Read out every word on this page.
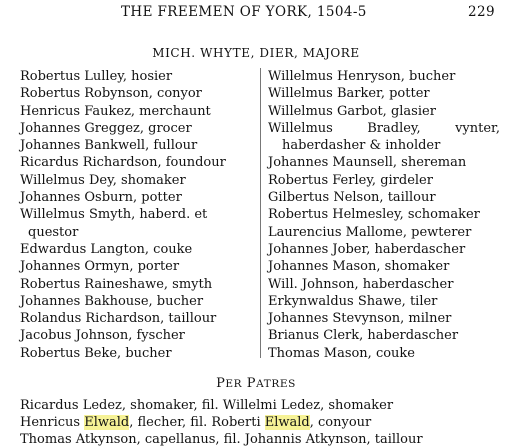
THE FREEMEN OF YORK, 1504-5	229
MICH. WHYTE, DIER, MAJORE
Robertus Lulley, hosier
Robertus Robynson, conyor
Henricus Faukez, merchaunt
Johannes Greggez, grocer
Johannes Bankwell, fullour
Ricardus Richardson, foundour
Willelmus Dey, shomaker
Johannes Osburn, potter
Willelmus Smyth, haberd. et
questor
Edwardus Langton, couke
Johannes Ormyn, porter
Robertus Raineshawe, smyth
Johannes Bakhouse, bucher
Rolandus Richardson, taillour
Jacobus Johnson, fyscher
Robertus Beke, bucher
Willelmus Henryson, bucher
Willelmus Barker, potter
Willelmus Garbot, glasier
Willelmus	Bradley,	vynter,
haberdasher & inholder
Johannes Maunsell, shereman
Robertus Ferley, girdeler
Gilbertus Nelson, taillour
Robertus Helmesley, schomaker
Laurencius Mallome, pewterer
Johannes Jober, haberdascher
Johannes Mason, shomaker
Will. Johnson, haberdascher
Erkynwaldus Shawe, tiler
Johannes Stevynson, milner
Brianus Clerk, haberdascher
Thomas Mason, couke
PER PATRES
Ricardus Ledez, shomaker, fil. Willelmi Ledez, shomaker
Henricus Elwald, flecher, fil. Roberti Elwald, conyour
Thomas Atkynson, capellanus, fil. Johannis Atkynson, taillour
